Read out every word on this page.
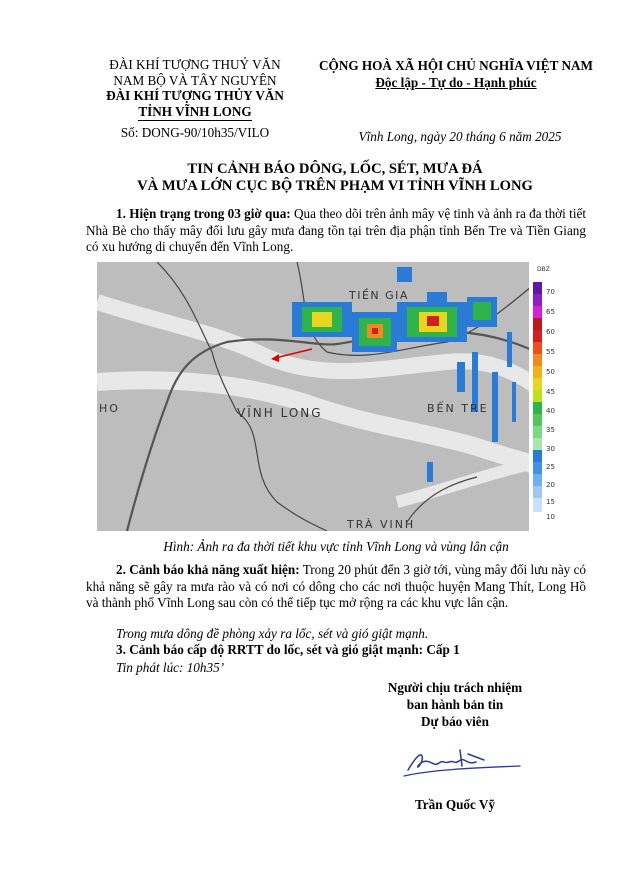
ĐÀI KHÍ TƯỢNG THUỶ VĂN
NAM BỘ VÀ TÂY NGUYÊN
ĐÀI KHÍ TƯỢNG THỦY VĂN
TỈNH VĨNH LONG
Số: DONG-90/10h35/VILO
CỘNG HOÀ XÃ HỘI CHỦ NGHĨA VIỆT NAM
Độc lập - Tự do - Hạnh phúc
Vĩnh Long, ngày 20 tháng 6 năm 2025
TIN CẢNH BÁO DÔNG, LỐC, SÉT, MƯA ĐÁ
VÀ MƯA LỚN CỤC BỘ TRÊN PHẠM VI TỈNH VĨNH LONG
1. Hiện trạng trong 03 giờ qua: Qua theo dõi trên ảnh mây vệ tinh và ảnh ra đa thời tiết Nhà Bè cho thấy mây đối lưu gây mưa đang tồn tại trên địa phận tỉnh Bến Tre và Tiền Giang có xu hướng di chuyển đến Vĩnh Long.
TIỀN GIA
VĨNH LONG	BẾN TRE
TRÀ VINH
HO
DBZ
70
65
60
55
50
45
40
35
30
25
20
15
10
Hình: Ảnh ra đa thời tiết khu vực tỉnh Vĩnh Long và vùng lân cận
2. Cảnh báo khả năng xuất hiện: Trong 20 phút đến 3 giờ tới, vùng mây đối lưu này có khả năng sẽ gây ra mưa rào và có nơi có dông cho các nơi thuộc huyện Mang Thít, Long Hồ và thành phố Vĩnh Long sau còn có thể tiếp tục mở rộng ra các khu vực lân cận.
Trong mưa dông đề phòng xảy ra lốc, sét và gió giật mạnh.
3. Cảnh báo cấp độ RRTT do lốc, sét và gió giật mạnh: Cấp 1
Tin phát lúc: 10h35’
Người chịu trách nhiệm
ban hành bản tin
Dự báo viên
Trần Quốc Vỹ
